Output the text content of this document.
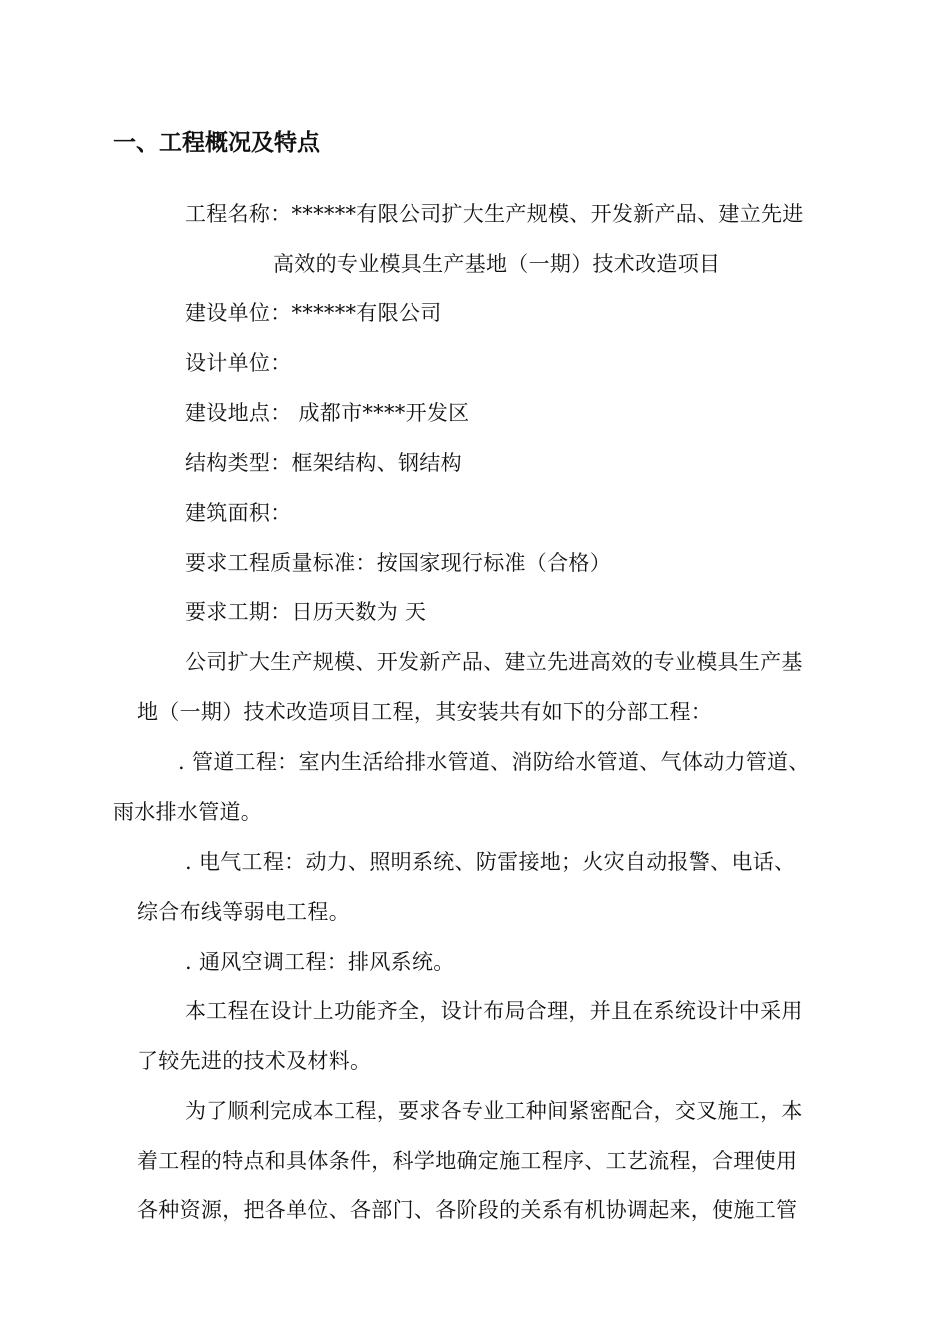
一、工程概况及特点
工程名称：******有限公司扩大生产规模、开发新产品、建立先进
高效的专业模具生产基地（一期）技术改造项目
建设单位：******有限公司
设计单位：
建设地点： 成都市****开发区
结构类型：框架结构、钢结构
建筑面积：
要求工程质量标准：按国家现行标准（合格）
要求工期：日历天数为 天
公司扩大生产规模、开发新产品、建立先进高效的专业模具生产基
地（一期）技术改造项目工程，其安装共有如下的分部工程：
. 管道工程：室内生活给排水管道、消防给水管道、气体动力管道、
雨水排水管道。
. 电气工程：动力、照明系统、防雷接地；火灾自动报警、电话、
综合布线等弱电工程。
. 通风空调工程：排风系统。
本工程在设计上功能齐全，设计布局合理，并且在系统设计中采用
了较先进的技术及材料。
为了顺利完成本工程，要求各专业工种间紧密配合，交叉施工，本
着工程的特点和具体条件，科学地确定施工程序、工艺流程，合理使用
各种资源，把各单位、各部门、各阶段的关系有机协调起来，使施工管
